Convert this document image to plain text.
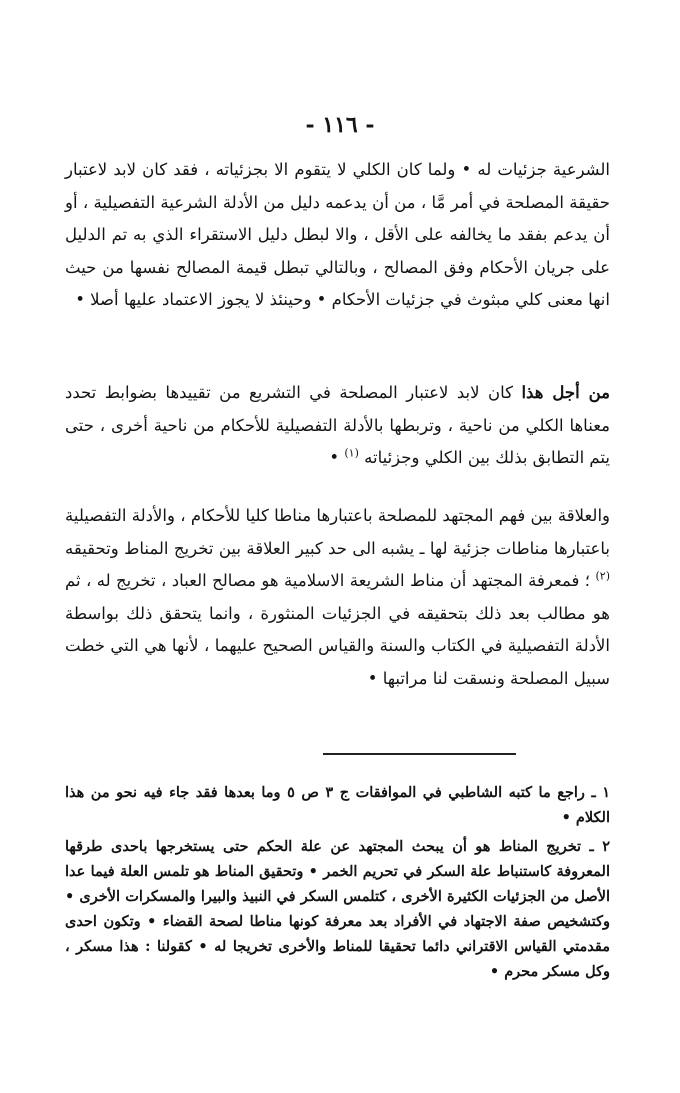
- ١١٦ -

الشرعية جزئيات له • ولما كان الكلي لا يتقوم الا بجزئياته ، فقد كان لابد لاعتبار حقيقة المصلحة في أمر مَّا ، من أن يدعمه دليل من الأدلة الشرعية التفصيلية ، أو أن يدعم بفقد ما يخالفه على الأقل ، والا لبطل دليل الاستقراء الذي به تم الدليل على جريان الأحكام وفق المصالح ، وبالتالي تبطل قيمة المصالح نفسها من حيث انها معنى كلي مبثوث في جزئيات الأحكام • وحينئذ لا يجوز الاعتماد عليها أصلا •

من أجل هذا كان لابد لاعتبار المصلحة في التشريع من تقييدها بضوابط تحدد معناها الكلي من ناحية ، وتربطها بالأدلة التفصيلية للأحكام من ناحية أخرى ، حتى يتم التطابق بذلك بين الكلي وجزئياته $^{(١)}$ •

والعلاقة بين فهم المجتهد للمصلحة باعتبارها مناطا كليا للأحكام ، والأدلة التفصيلية باعتبارها مناطات جزئية لها ـ يشبه الى حد كبير العلاقة بين تخريج المناط وتحقيقه $^{(٢)}$ ؛ فمعرفة المجتهد أن مناط الشريعة الاسلامية هو مصالح العباد ، تخريج له ، ثم هو مطالب بعد ذلك بتحقيقه في الجزئيات المنثورة ، وانما يتحقق ذلك بواسطة الأدلة التفصيلية في الكتاب والسنة والقياس الصحيح عليهما ، لأنها هي التي خطت سبيل المصلحة ونسقت لنا مراتبها •

١ ـ راجع ما كتبه الشاطبي في الموافقات ج ٣ ص ٥ وما بعدها فقد جاء فيه نحو من هذا الكلام •

٢ ـ تخريج المناط هو أن يبحث المجتهد عن علة الحكم حتى يستخرجها باحدى طرقها المعروفة كاستنباط علة السكر في تحريم الخمر • وتحقيق المناط هو تلمس العلة فيما عدا الأصل من الجزئيات الكثيرة الأخرى ، كتلمس السكر في النبيذ والبيرا والمسكرات الأخرى • وكتشخيص صفة الاجتهاد في الأفراد بعد معرفة كونها مناطا لصحة القضاء • وتكون احدى مقدمتي القياس الاقتراني دائما تحقيقا للمناط والأخرى تخريجا له • كقولنا : هذا مسكر ، وكل مسكر محرم •
